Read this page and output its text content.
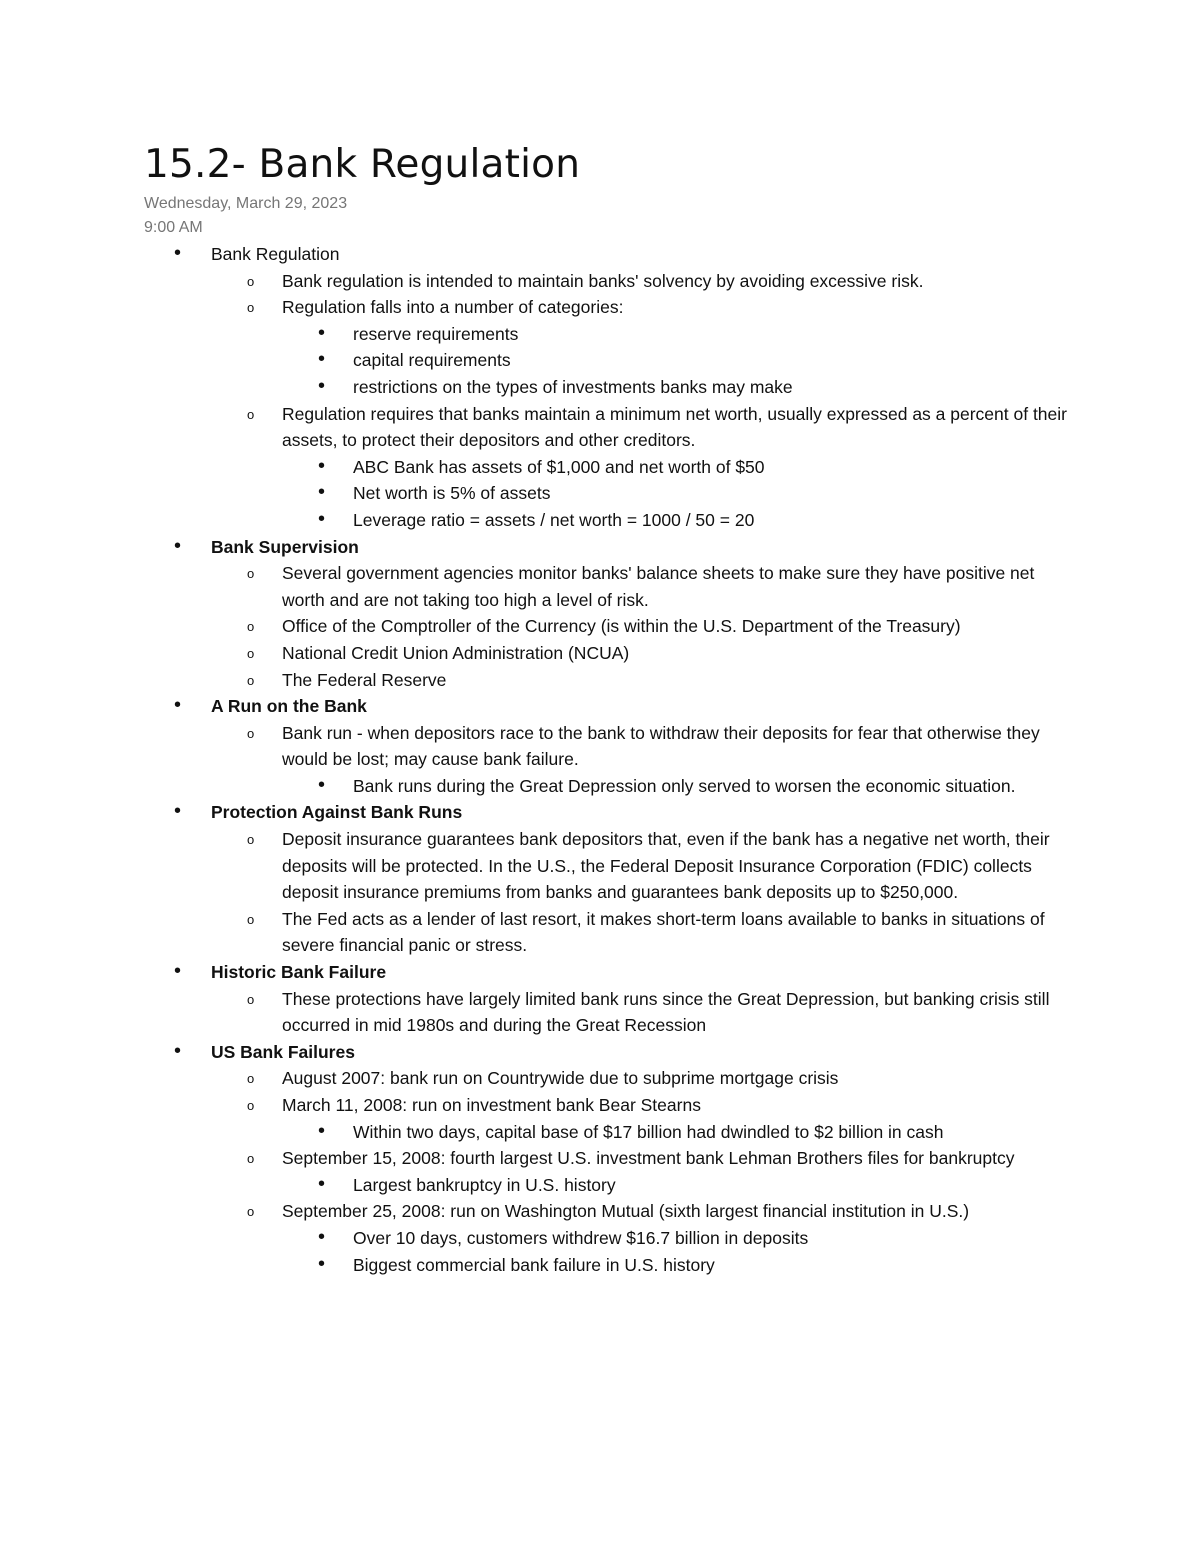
15.2- Bank Regulation
Wednesday, March 29, 2023
9:00 AM
• Bank Regulation
o Bank regulation is intended to maintain banks' solvency by avoiding excessive risk.
o Regulation falls into a number of categories:
• reserve requirements
• capital requirements
• restrictions on the types of investments banks may make
o Regulation requires that banks maintain a minimum net worth, usually expressed as a percent of their assets, to protect their depositors and other creditors.
• ABC Bank has assets of $1,000 and net worth of $50
• Net worth is 5% of assets
• Leverage ratio = assets / net worth = 1000 / 50 = 20
• Bank Supervision
o Several government agencies monitor banks' balance sheets to make sure they have positive net worth and are not taking too high a level of risk.
o Office of the Comptroller of the Currency (is within the U.S. Department of the Treasury)
o National Credit Union Administration (NCUA)
o The Federal Reserve
• A Run on the Bank
o Bank run - when depositors race to the bank to withdraw their deposits for fear that otherwise they would be lost; may cause bank failure.
• Bank runs during the Great Depression only served to worsen the economic situation.
• Protection Against Bank Runs
o Deposit insurance guarantees bank depositors that, even if the bank has a negative net worth, their deposits will be protected. In the U.S., the Federal Deposit Insurance Corporation (FDIC) collects deposit insurance premiums from banks and guarantees bank deposits up to $250,000.
o The Fed acts as a lender of last resort, it makes short-term loans available to banks in situations of severe financial panic or stress.
• Historic Bank Failure
o These protections have largely limited bank runs since the Great Depression, but banking crisis still occurred in mid 1980s and during the Great Recession
• US Bank Failures
o August 2007: bank run on Countrywide due to subprime mortgage crisis
o March 11, 2008: run on investment bank Bear Stearns
• Within two days, capital base of $17 billion had dwindled to $2 billion in cash
o September 15, 2008: fourth largest U.S. investment bank Lehman Brothers files for bankruptcy
• Largest bankruptcy in U.S. history
o September 25, 2008: run on Washington Mutual (sixth largest financial institution in U.S.)
• Over 10 days, customers withdrew $16.7 billion in deposits
• Biggest commercial bank failure in U.S. history
